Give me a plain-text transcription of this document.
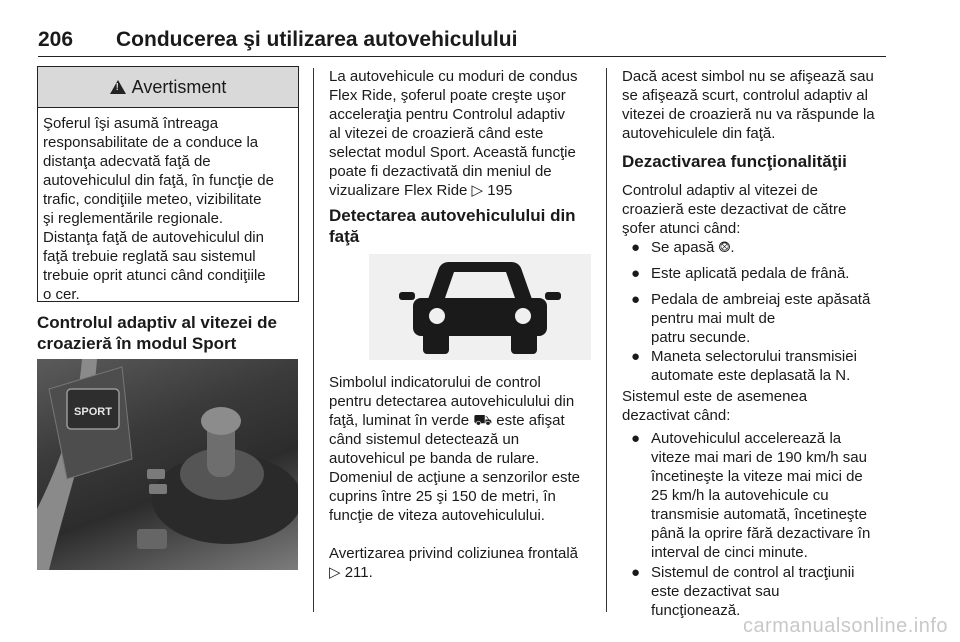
206 Conducerea şi utilizarea autovehiculului
!
Avertisment
Şoferul îşi asumă întreaga
responsabilitate de a conduce la
distanţa adecvată faţă de
autovehiculul din faţă, în funcţie de
trafic, condiţiile meteo, vizibilitate
şi reglementările regionale.
Distanţa faţă de autovehiculul din
faţă trebuie reglată sau sistemul
trebuie oprit atunci când condiţiile
o cer.
Controlul adaptiv al vitezei de
croazieră în modul Sport
SPORT
La autovehicule cu moduri de condus
Flex Ride, şoferul poate creşte uşor
acceleraţia pentru Controlul adaptiv
al vitezei de croazieră când este
selectat modul Sport. Această funcţie
poate fi dezactivată din meniul de
vizualizare Flex Ride ▷ 195
Detectarea autovehiculului din
faţă
Simbolul indicatorului de control
pentru detectarea autovehiculului din
faţă, luminat în verde ⛟ este afişat
când sistemul detectează un
autovehicul pe banda de rulare.
Domeniul de acţiune a senzorilor este
cuprins între 25 şi 150 de metri, în
funcţie de viteza autovehiculului.
Avertizarea privind coliziunea frontală
▷ 211.
Dacă acest simbol nu se afişează sau
se afişează scurt, controlul adaptiv al
vitezei de croazieră nu va răspunde la
autovehiculele din faţă.
Dezactivarea funcţionalităţii
Controlul adaptiv al vitezei de
croazieră este dezactivat de către
şofer atunci când:
● Se apasă ⨷.
● Este aplicată pedala de frână.
● Pedala de ambreiaj este apăsată
pentru mai mult de
patru secunde.
● Maneta selectorului transmisiei
automate este deplasată la N.
Sistemul este de asemenea
dezactivat când:
● Autovehiculul accelerează la
viteze mai mari de 190 km/h sau
încetineşte la viteze mai mici de
25 km/h la autovehicule cu
transmisie automată, încetineşte
până la oprire fără dezactivare în
interval de cinci minute.
● Sistemul de control al tracţiunii
este dezactivat sau
funcţionează.
carmanualsonline.info
